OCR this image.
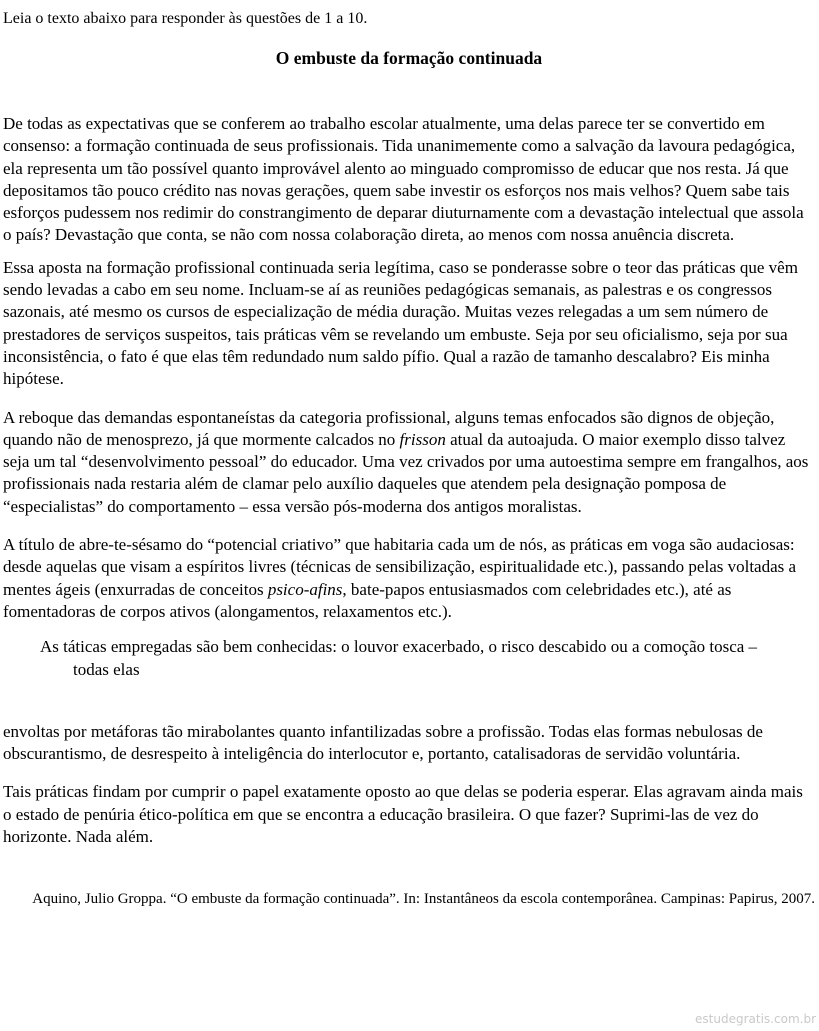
Leia o texto abaixo para responder às questões de 1 a 10.

O embuste da formação continuada

De todas as expectativas que se conferem ao trabalho escolar atualmente, uma delas parece ter se convertido em consenso: a formação continuada de seus profissionais. Tida unanimemente como a salvação da lavoura pedagógica, ela representa um tão possível quanto improvável alento ao minguado compromisso de educar que nos resta. Já que depositamos tão pouco crédito nas novas gerações, quem sabe investir os esforços nos mais velhos? Quem sabe tais esforços pudessem nos redimir do constrangimento de deparar diuturnamente com a devastação intelectual que assola o país? Devastação que conta, se não com nossa colaboração direta, ao menos com nossa anuência discreta.

Essa aposta na formação profissional continuada seria legítima, caso se ponderasse sobre o teor das práticas que vêm sendo levadas a cabo em seu nome. Incluam-se aí as reuniões pedagógicas semanais, as palestras e os congressos sazonais, até mesmo os cursos de especialização de média duração. Muitas vezes relegadas a um sem número de prestadores de serviços suspeitos, tais práticas vêm se revelando um embuste. Seja por seu oficialismo, seja por sua inconsistência, o fato é que elas têm redundado num saldo pífio. Qual a razão de tamanho descalabro? Eis minha hipótese.

A reboque das demandas espontaneístas da categoria profissional, alguns temas enfocados são dignos de objeção, quando não de menosprezo, já que mormente calcados no frisson atual da autoajuda. O maior exemplo disso talvez seja um tal “desenvolvimento pessoal” do educador. Uma vez crivados por uma autoestima sempre em frangalhos, aos profissionais nada restaria além de clamar pelo auxílio daqueles que atendem pela designação pomposa de “especialistas” do comportamento – essa versão pós-moderna dos antigos moralistas.

A título de abre-te-sésamo do “potencial criativo” que habitaria cada um de nós, as práticas em voga são audaciosas: desde aquelas que visam a espíritos livres (técnicas de sensibilização, espiritualidade etc.), passando pelas voltadas a mentes ágeis (enxurradas de conceitos psico-afins, bate-papos entusiasmados com celebridades etc.), até as fomentadoras de corpos ativos (alongamentos, relaxamentos etc.).

As táticas empregadas são bem conhecidas: o louvor exacerbado, o risco descabido ou a comoção tosca –
todas elas

envoltas por metáforas tão mirabolantes quanto infantilizadas sobre a profissão. Todas elas formas nebulosas de obscurantismo, de desrespeito à inteligência do interlocutor e, portanto, catalisadoras de servidão voluntária.

Tais práticas findam por cumprir o papel exatamente oposto ao que delas se poderia esperar. Elas agravam ainda mais o estado de penúria ético-política em que se encontra a educação brasileira. O que fazer? Suprimi-las de vez do horizonte. Nada além.

Aquino, Julio Groppa. “O embuste da formação continuada”. In: Instantâneos da escola contemporânea. Campinas: Papirus, 2007.

estudegratis.com.br
